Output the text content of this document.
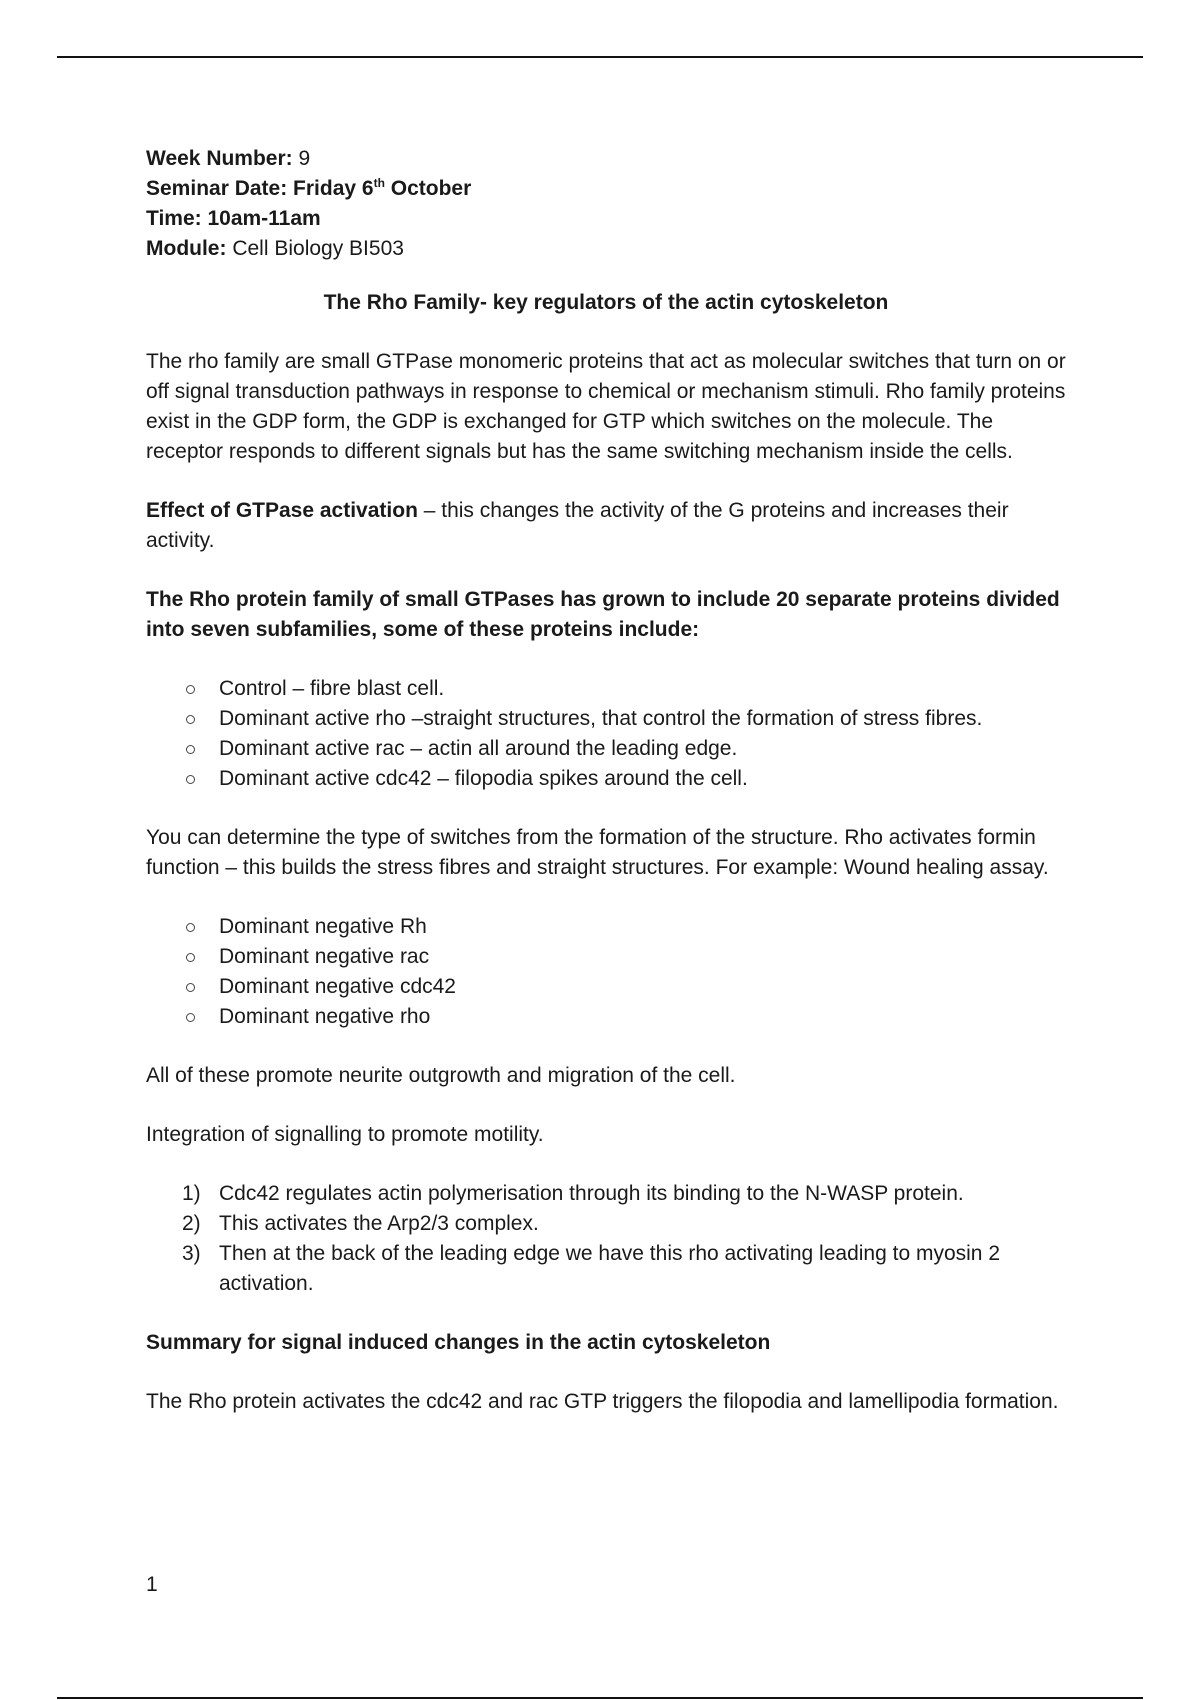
Week Number: 9

Seminar Date: Friday 6th October

Time: 10am-11am

Module: Cell Biology BI503

The Rho Family- key regulators of the actin cytoskeleton

The rho family are small GTPase monomeric proteins that act as molecular switches that turn on or off signal transduction pathways in response to chemical or mechanism stimuli. Rho family proteins exist in the GDP form, the GDP is exchanged for GTP which switches on the molecule. The receptor responds to different signals but has the same switching mechanism inside the cells.

Effect of GTPase activation – this changes the activity of the G proteins and increases their activity.

The Rho protein family of small GTPases has grown to include 20 separate proteins divided into seven subfamilies, some of these proteins include:

Control – fibre blast cell.
Dominant active rho –straight structures, that control the formation of stress fibres.
Dominant active rac – actin all around the leading edge.
Dominant active cdc42 – filopodia spikes around the cell.

You can determine the type of switches from the formation of the structure. Rho activates formin function – this builds the stress fibres and straight structures. For example: Wound healing assay.

Dominant negative Rh
Dominant negative rac
Dominant negative cdc42
Dominant negative rho

All of these promote neurite outgrowth and migration of the cell.

Integration of signalling to promote motility.

1) Cdc42 regulates actin polymerisation through its binding to the N-WASP protein.
2) This activates the Arp2/3 complex.
3) Then at the back of the leading edge we have this rho activating leading to myosin 2 activation.

Summary for signal induced changes in the actin cytoskeleton

The Rho protein activates the cdc42 and rac GTP triggers the filopodia and lamellipodia formation.

1
